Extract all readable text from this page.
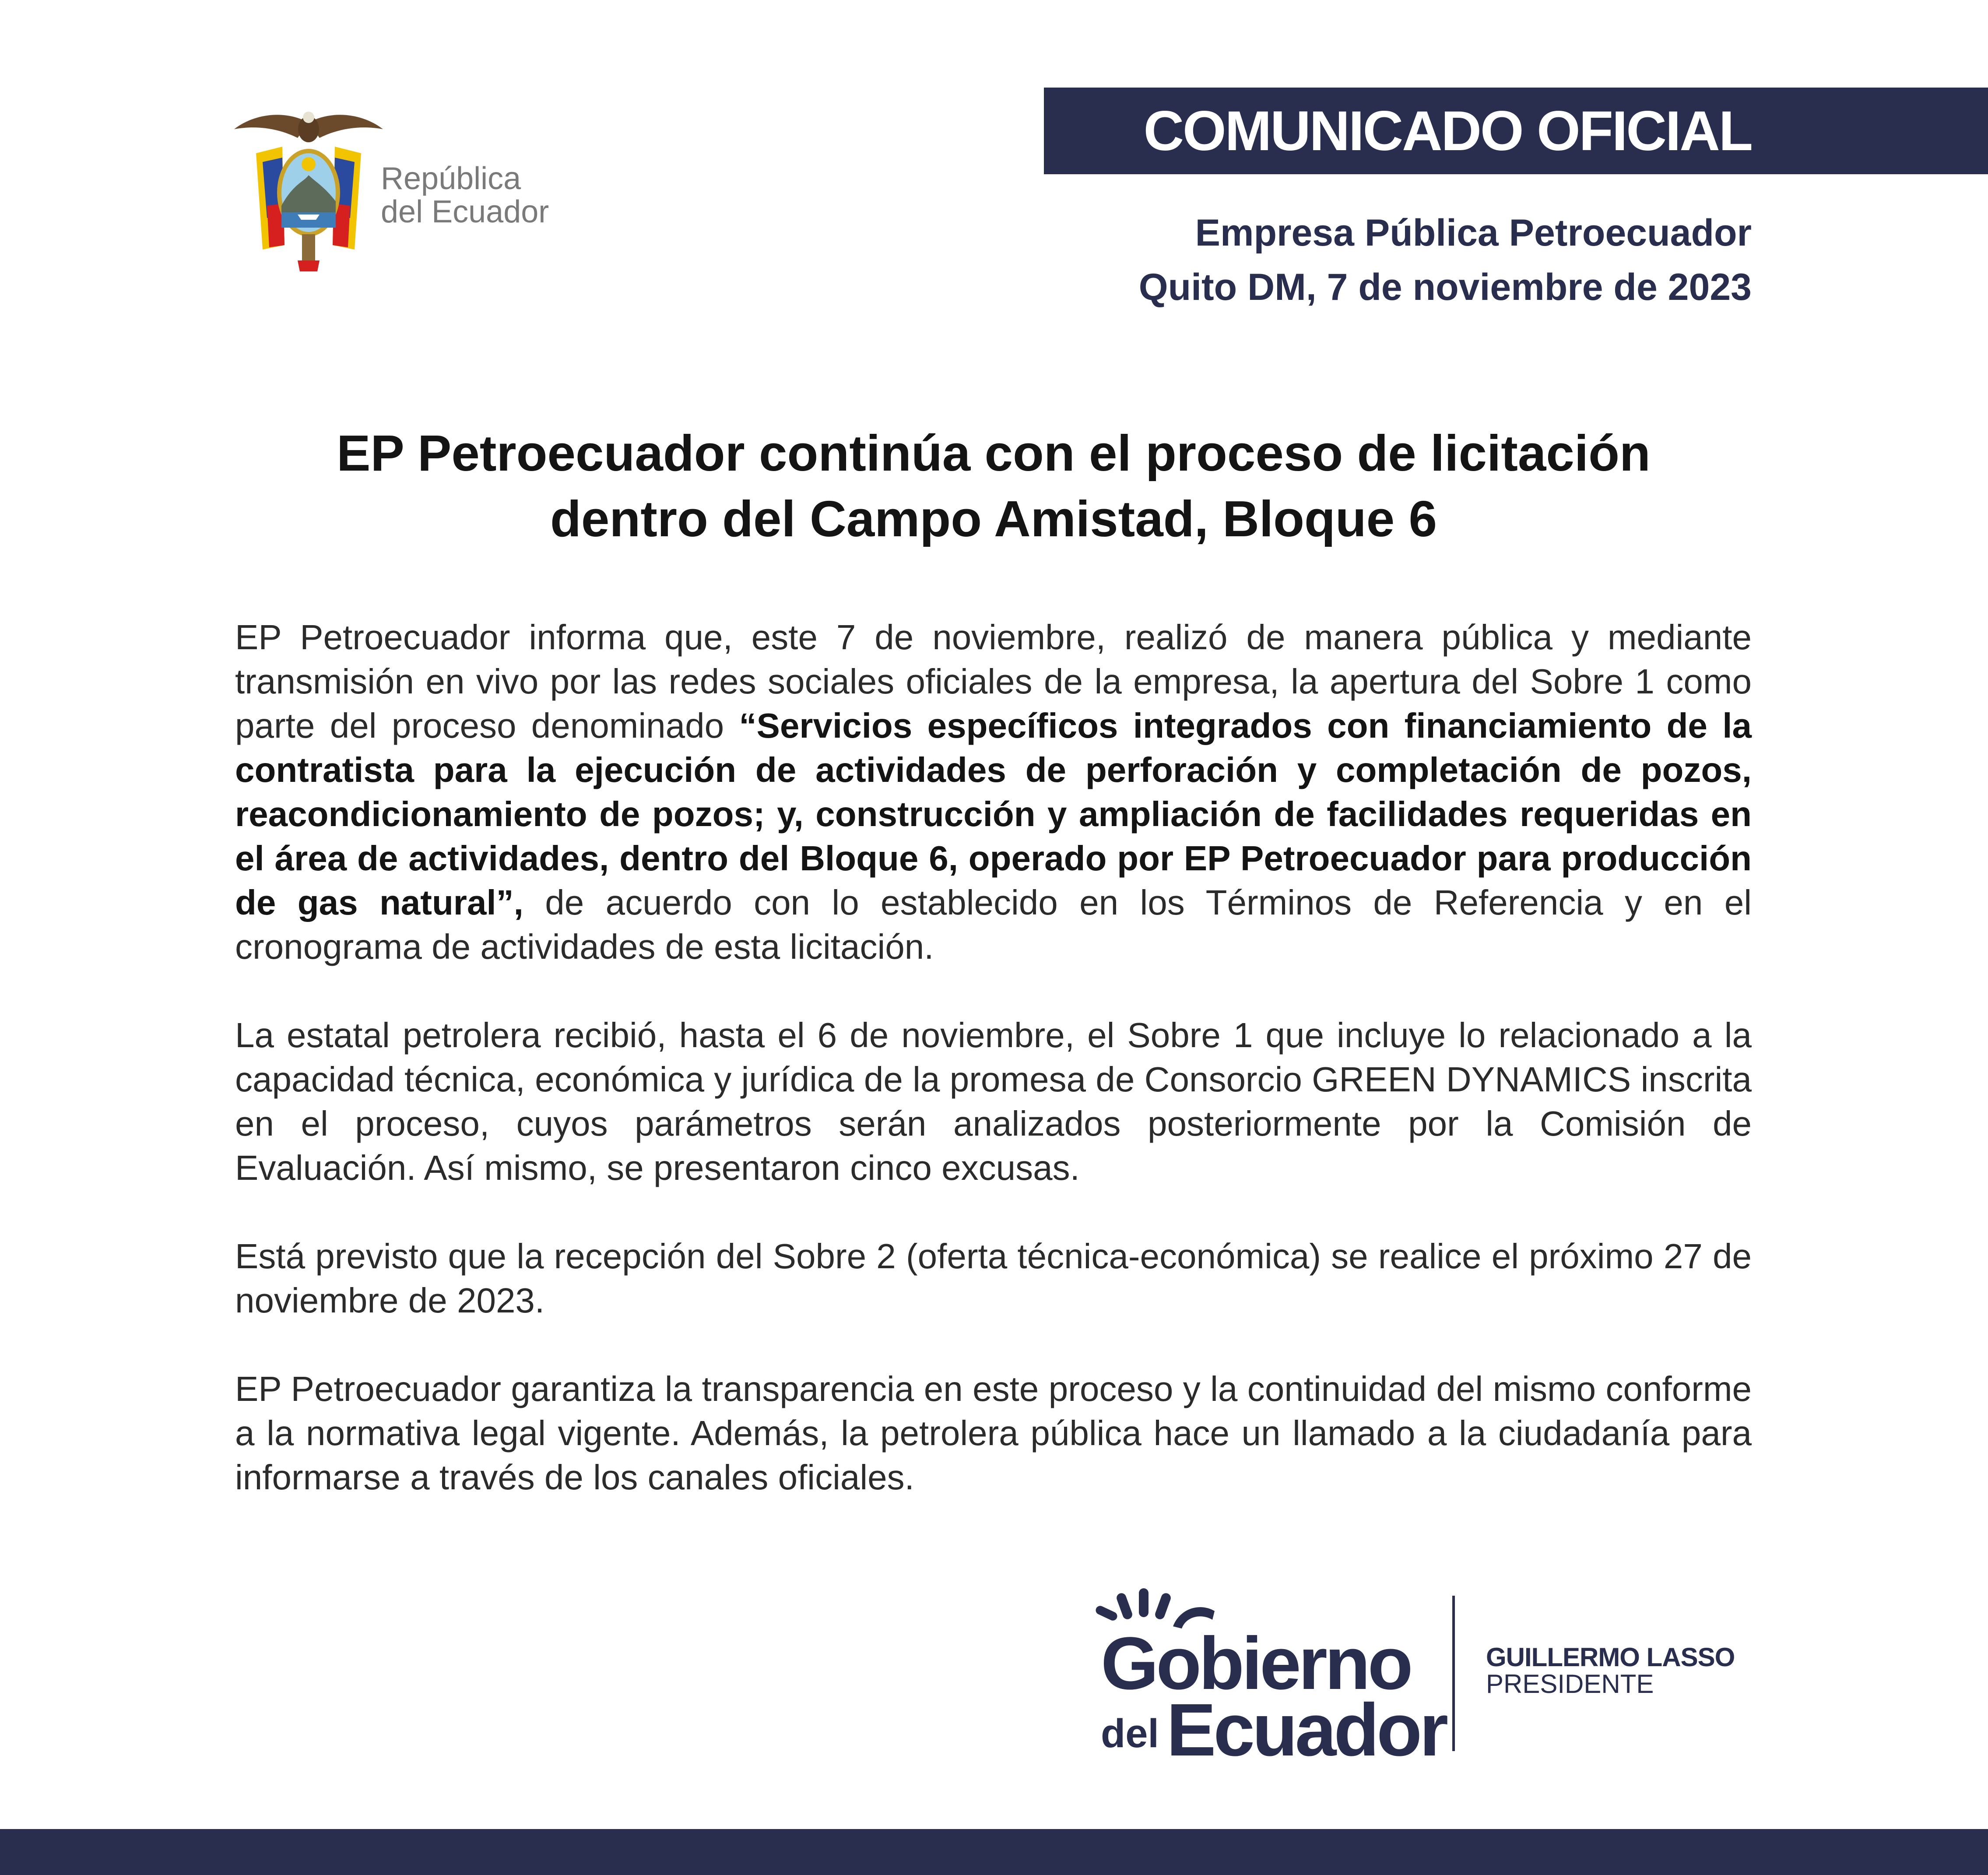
República
del Ecuador
COMUNICADO OFICIAL
Empresa Pública Petroecuador
Quito DM, 7 de noviembre de 2023
EP Petroecuador continúa con el proceso de licitación
dentro del Campo Amistad, Bloque 6

EP Petroecuador informa que, este 7 de noviembre, realizó de manera pública y mediante transmisión en vivo por las redes sociales oficiales de la empresa, la apertura del Sobre 1 como parte del proceso denominado “Servicios específicos integrados con financiamiento de la contratista para la ejecución de actividades de perforación y completación de pozos, reacondicionamiento de pozos; y, construcción y ampliación de facilidades requeridas en el área de actividades, dentro del Bloque 6, operado por EP Petroecuador para producción de gas natural”, de acuerdo con lo establecido en los Términos de Referencia y en el cronograma de actividades de esta licitación.

La estatal petrolera recibió, hasta el 6 de noviembre, el Sobre 1 que incluye lo relacionado a la capacidad técnica, económica y jurídica de la promesa de Consorcio GREEN DYNAMICS inscrita en el proceso, cuyos parámetros serán analizados posteriormente por la Comisión de Evaluación. Así mismo, se presentaron cinco excusas.

Está previsto que la recepción del Sobre 2 (oferta técnica-económica) se realice el próximo 27 de noviembre de 2023.

EP Petroecuador garantiza la transparencia en este proceso y la continuidad del mismo conforme a la normativa legal vigente. Además, la petrolera pública hace un llamado a la ciudadanía para informarse a través de los canales oficiales.

Gobierno
del Ecuador
GUILLERMO LASSO
PRESIDENTE
